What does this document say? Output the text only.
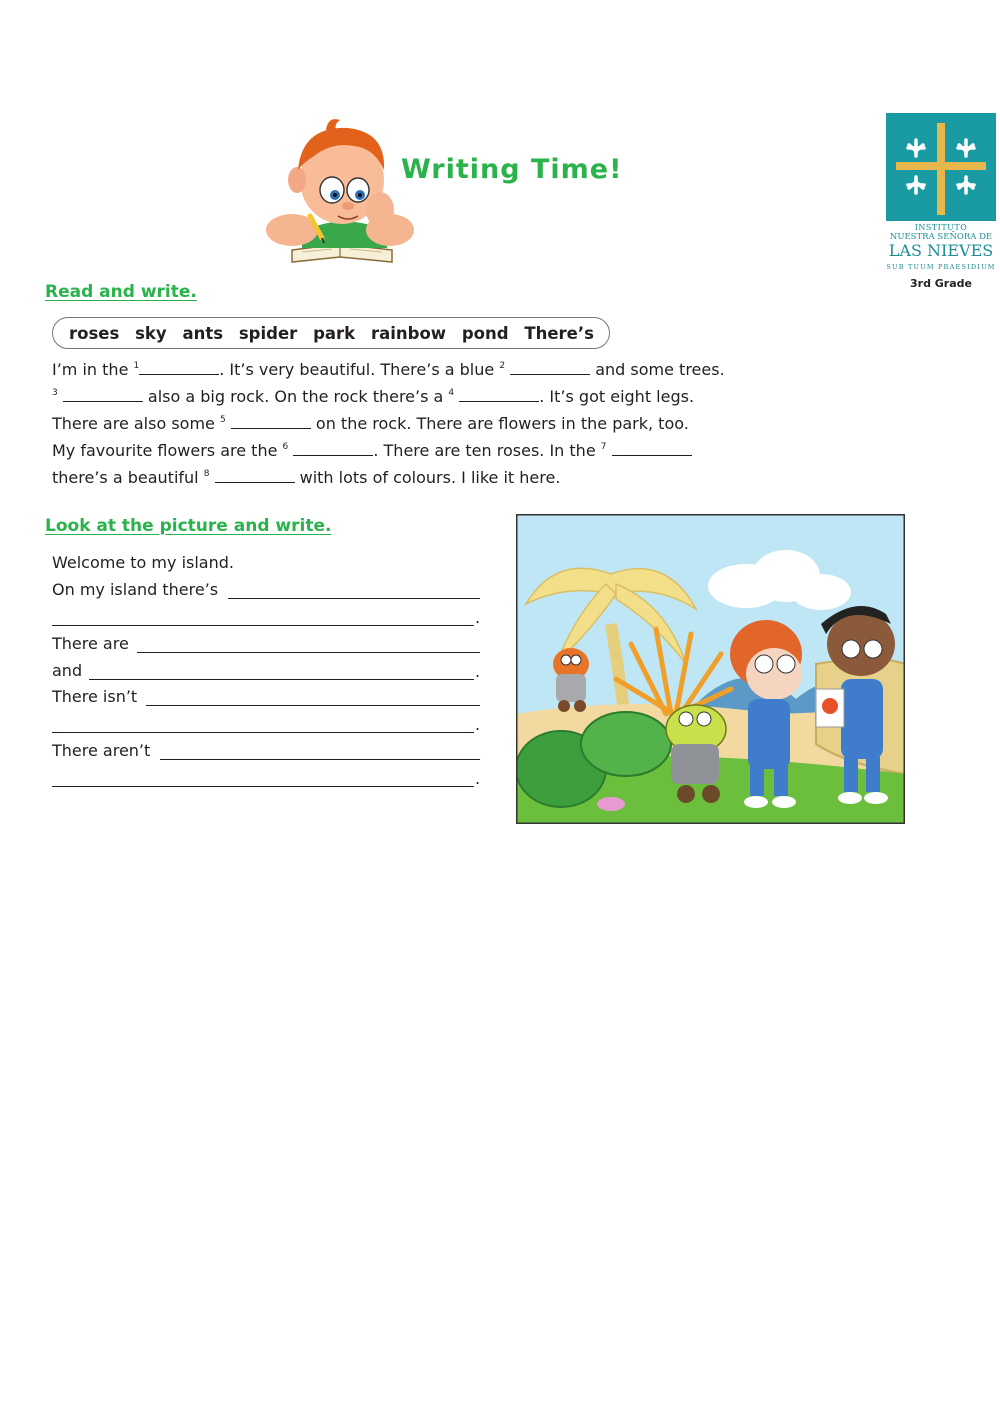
Writing Time!
INSTITUTO
NUESTRA SEÑORA DE
LAS NIEVES
SUB TUUM PRAESIDIUM
3rd Grade
Read and write.
roses sky ants spider park rainbow pond There’s
I’m in the $^1$	. It’s very beautiful. There’s a blue $^2$	and some trees.
$^3$	also a big rock. On the rock there’s a $^4$	. It’s got eight legs.
There are also some $^5$	on the rock. There are flowers in the park, too.
My favourite flowers are the $^6$	. There are ten roses. In the $^7$
there’s a beautiful $^8$	with lots of colours. I like it here.
Look at the picture and write.
Welcome to my island.
On my island there’s
.
There are
and	.
There isn’t
.
There aren’t
.
